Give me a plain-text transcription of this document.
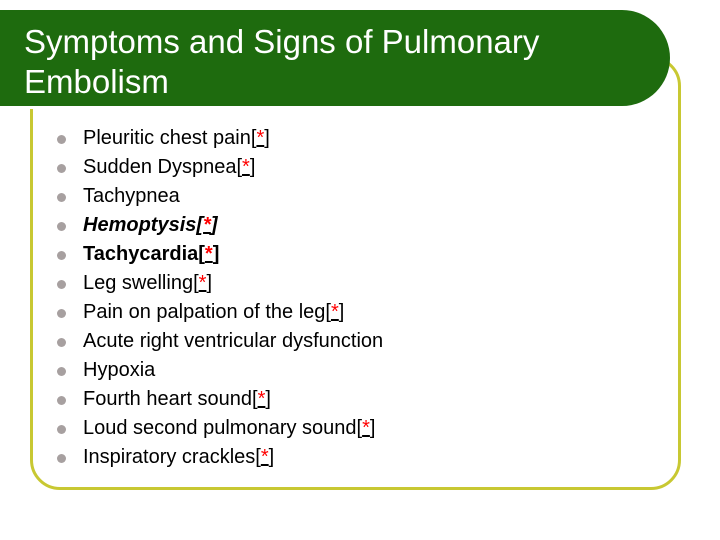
Symptoms and Signs of Pulmonary Embolism
Pleuritic chest pain[*]
Sudden Dyspnea[*]
Tachypnea
Hemoptysis[*]
Tachycardia[*]
Leg swelling[*]
Pain on palpation of the leg[*]
Acute right ventricular dysfunction
Hypoxia
Fourth heart sound[*]
Loud second pulmonary sound[*]
Inspiratory crackles[*]
